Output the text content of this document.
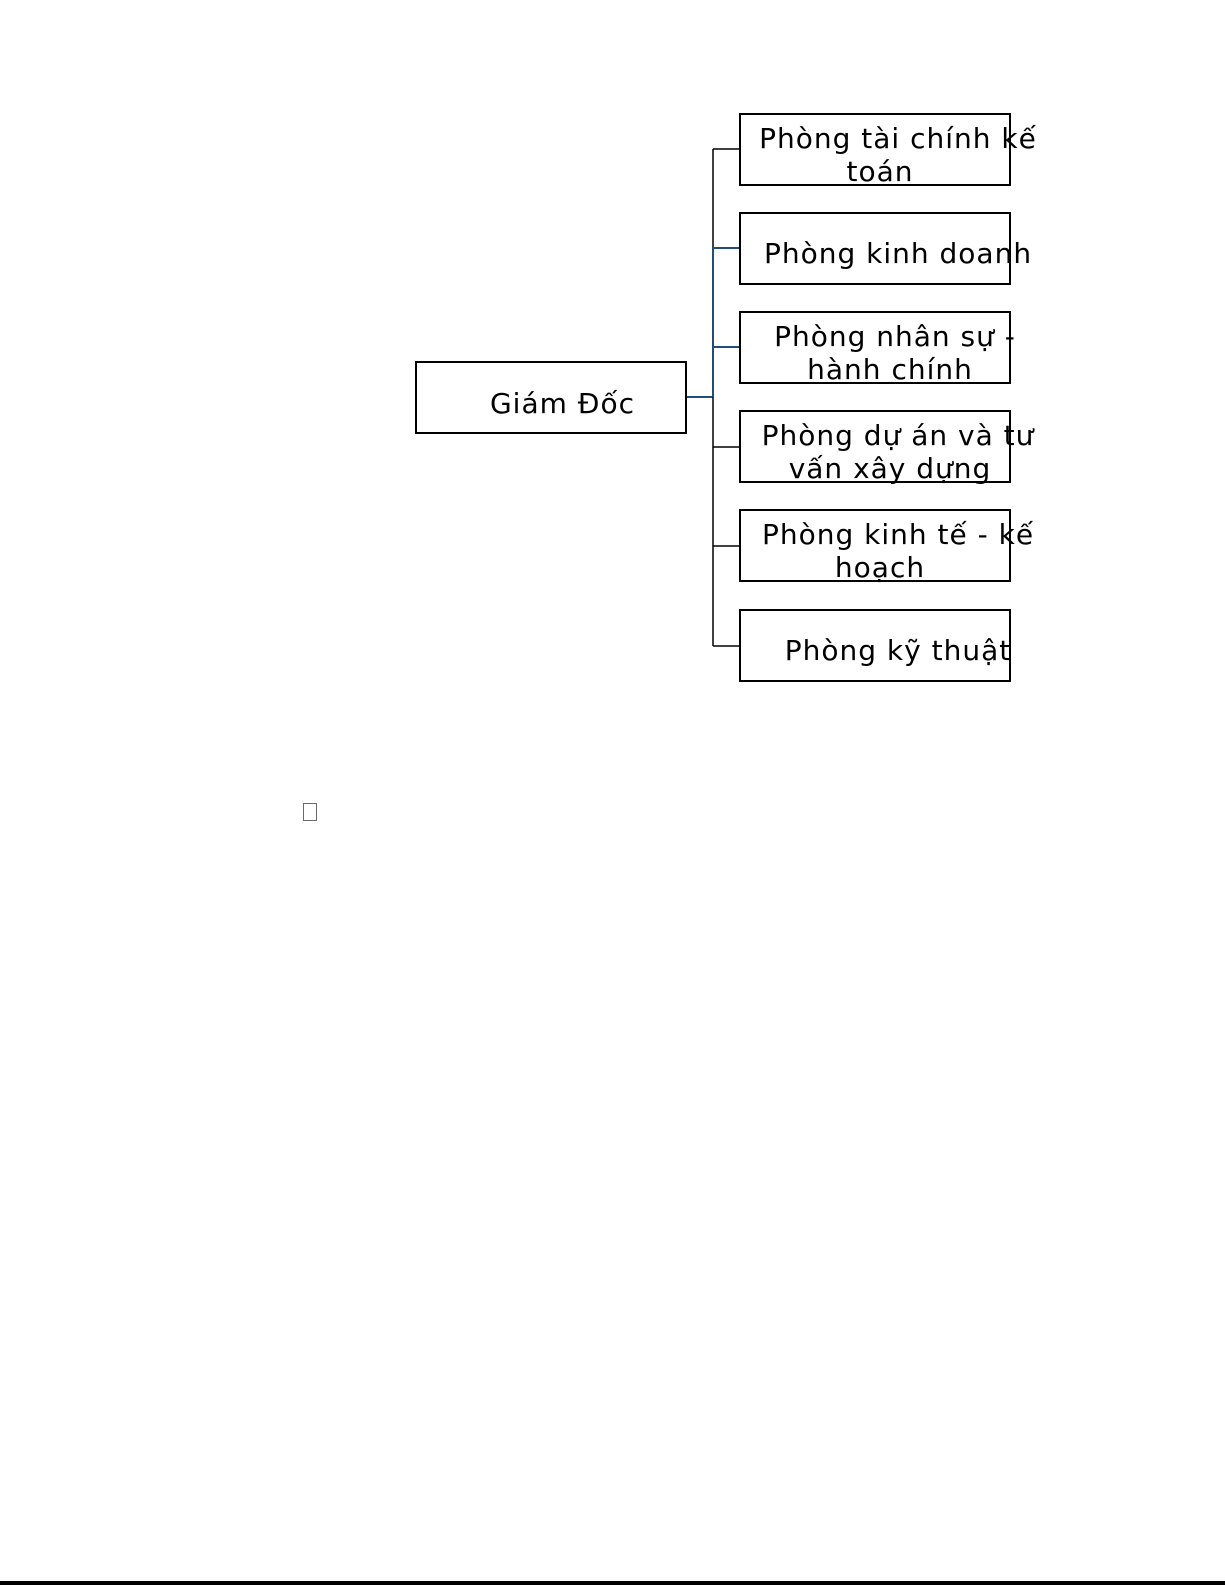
Giám Đốc
Phòng tài chính kế
toán
Phòng kinh doanh
Phòng nhân sự -
hành chính
Phòng dự án và tư
vấn xây dựng
Phòng kinh tế - kế
hoạch
Phòng kỹ thuật
